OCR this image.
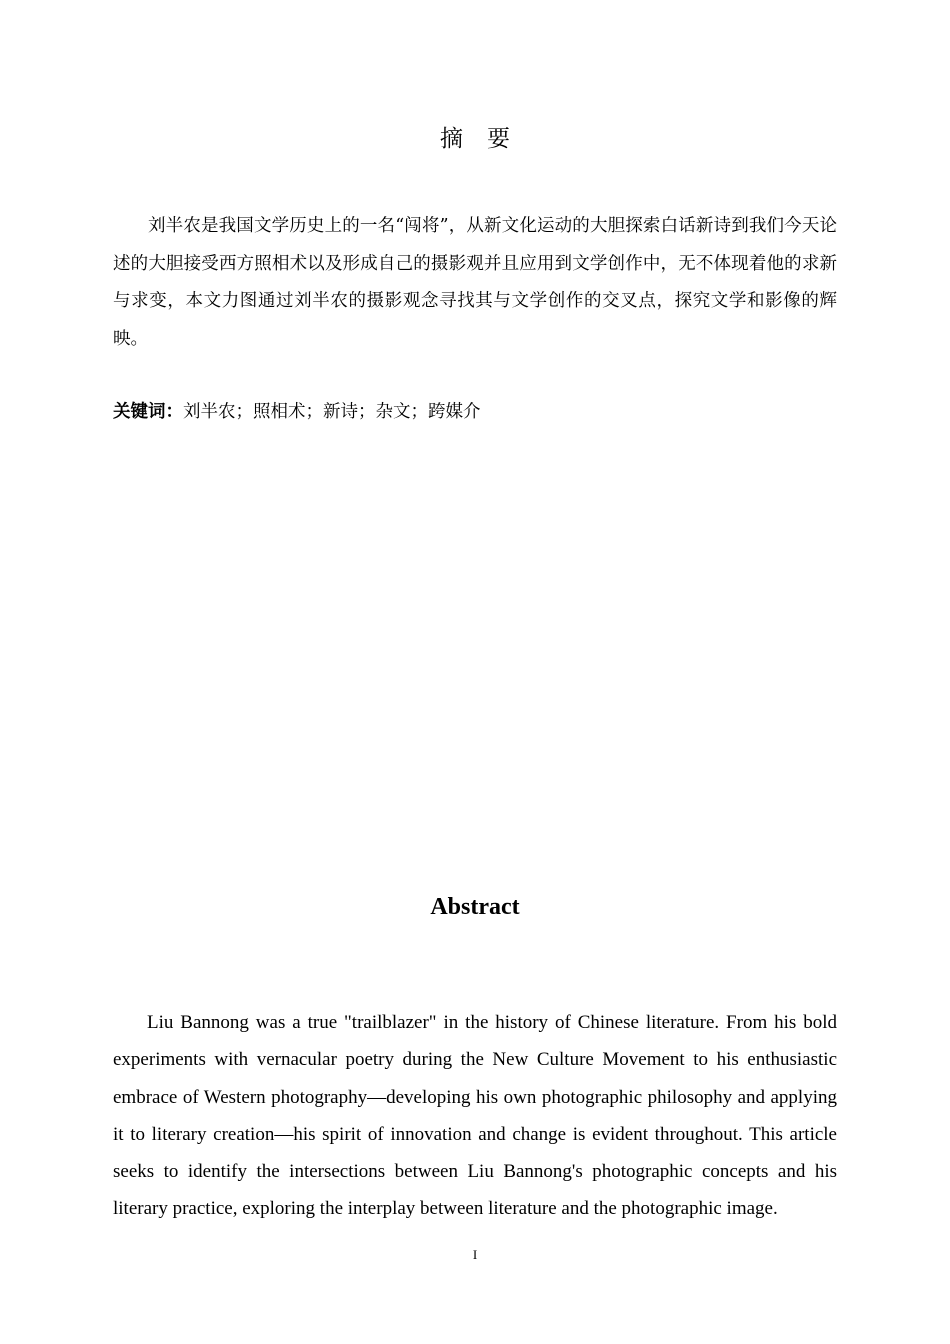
摘要

刘半农是我国文学历史上的一名“闯将”，从新文化运动的大胆探索白话新诗到我们今天论述的大胆接受西方照相术以及形成自己的摄影观并且应用到文学创作中，无不体现着他的求新与求变，本文力图通过刘半农的摄影观念寻找其与文学创作的交叉点，探究文学和影像的辉映。

关键词：刘半农；照相术；新诗；杂文；跨媒介

Abstract

Liu Bannong was a true "trailblazer" in the history of Chinese literature. From his bold experiments with vernacular poetry during the New Culture Movement to his enthusiastic embrace of Western photography—developing his own photographic philosophy and applying it to literary creation—his spirit of innovation and change is evident throughout. This article seeks to identify the intersections between Liu Bannong's photographic concepts and his literary practice, exploring the interplay between literature and the photographic image.

I
